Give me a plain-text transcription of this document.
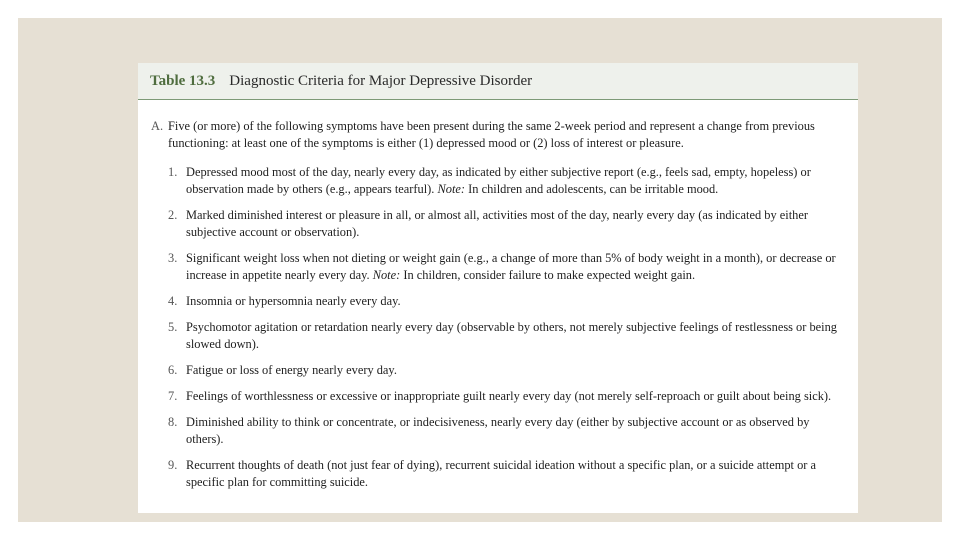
Table 13.3 Diagnostic Criteria for Major Depressive Disorder
A. Five (or more) of the following symptoms have been present during the same 2-week period and represent a change from previous functioning: at least one of the symptoms is either (1) depressed mood or (2) loss of interest or pleasure.
1. Depressed mood most of the day, nearly every day, as indicated by either subjective report (e.g., feels sad, empty, hopeless) or observation made by others (e.g., appears tearful). Note: In children and adolescents, can be irritable mood.
2. Marked diminished interest or pleasure in all, or almost all, activities most of the day, nearly every day (as indicated by either subjective account or observation).
3. Significant weight loss when not dieting or weight gain (e.g., a change of more than 5% of body weight in a month), or decrease or increase in appetite nearly every day. Note: In children, consider failure to make expected weight gain.
4. Insomnia or hypersomnia nearly every day.
5. Psychomotor agitation or retardation nearly every day (observable by others, not merely subjective feelings of restlessness or being slowed down).
6. Fatigue or loss of energy nearly every day.
7. Feelings of worthlessness or excessive or inappropriate guilt nearly every day (not merely self-reproach or guilt about being sick).
8. Diminished ability to think or concentrate, or indecisiveness, nearly every day (either by subjective account or as observed by others).
9. Recurrent thoughts of death (not just fear of dying), recurrent suicidal ideation without a specific plan, or a suicide attempt or a specific plan for committing suicide.
